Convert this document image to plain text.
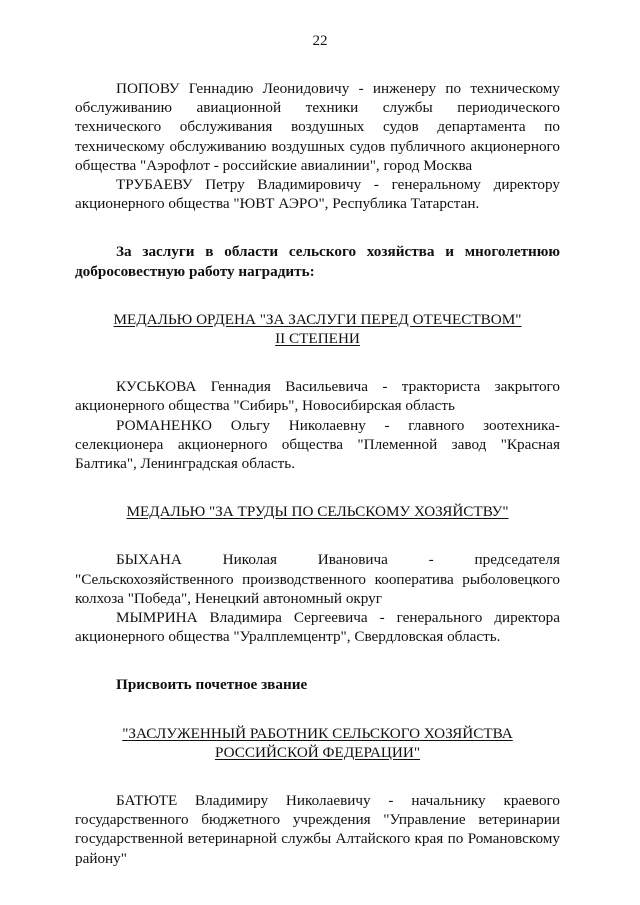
22

ПОПОВУ Геннадию Леонидовичу - инженеру по техническому обслуживанию авиационной техники службы периодического технического обслуживания воздушных судов департамента по техническому обслуживанию воздушных судов публичного акционерного общества "Аэрофлот - российские авиалинии", город Москва

ТРУБАЕВУ Петру Владимировичу - генеральному директору акционерного общества "ЮВТ АЭРО", Республика Татарстан.

За заслуги в области сельского хозяйства и многолетнюю добросовестную работу наградить:

МЕДАЛЬЮ ОРДЕНА "ЗА ЗАСЛУГИ ПЕРЕД ОТЕЧЕСТВОМ"

II СТЕПЕНИ

КУСЬКОВА Геннадия Васильевича - тракториста закрытого акционерного общества "Сибирь", Новосибирская область

РОМАНЕНКО Ольгу Николаевну - главного зоотехника-селекционера акционерного общества "Племенной завод "Красная Балтика", Ленинградская область.

МЕДАЛЬЮ "ЗА ТРУДЫ ПО СЕЛЬСКОМУ ХОЗЯЙСТВУ"

БЫХАНА Николая Ивановича - председателя "Сельскохозяйственного производственного кооператива рыболовецкого колхоза "Победа", Ненецкий автономный округ

МЫМРИНА Владимира Сергеевича - генерального директора акционерного общества "Уралплемцентр", Свердловская область.

Присвоить почетное звание

"ЗАСЛУЖЕННЫЙ РАБОТНИК СЕЛЬСКОГО ХОЗЯЙСТВА

РОССИЙСКОЙ ФЕДЕРАЦИИ"

БАТЮТЕ Владимиру Николаевичу - начальнику краевого государственного бюджетного учреждения "Управление ветеринарии государственной ветеринарной службы Алтайского края по Романовскому району"
